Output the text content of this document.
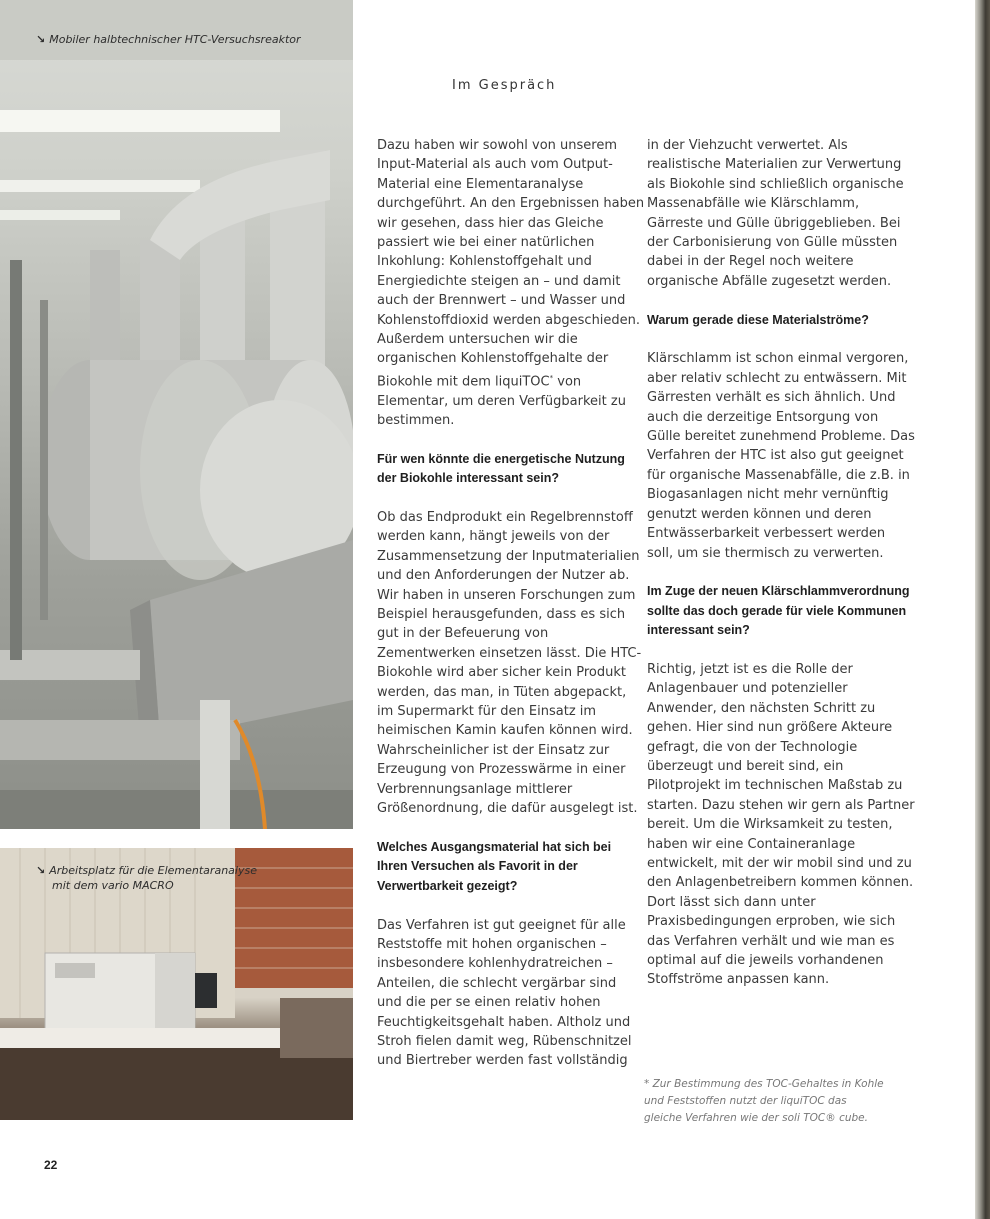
↘ Mobiler halbtechnischer HTC-Versuchsreaktor
↘ Arbeitsplatz für die Elementaranalyse
mit dem vario MACRO
Im Gespräch

Dazu haben wir sowohl von unserem Input-Material als auch vom Output-Material eine Elementaranalyse durchgeführt. An den Ergebnissen haben wir gesehen, dass hier das Gleiche passiert wie bei einer natürlichen Inkohlung: Kohlenstoffgehalt und Energiedichte steigen an – und damit auch der Brennwert – und Wasser und Kohlenstoffdioxid werden abgeschieden. Außerdem untersuchen wir die organischen Kohlenstoffgehalte der Biokohle mit dem liquiTOC* von Elementar, um deren Verfügbarkeit zu bestimmen.

Für wen könnte die energetische Nutzung der Biokohle interessant sein?

Ob das Endprodukt ein Regelbrennstoff werden kann, hängt jeweils von der Zusammensetzung der Inputmaterialien und den Anforderungen der Nutzer ab. Wir haben in unseren Forschungen zum Beispiel herausgefunden, dass es sich gut in der Befeuerung von Zementwerken einsetzen lässt. Die HTC-Biokohle wird aber sicher kein Produkt werden, das man, in Tüten abgepackt, im Supermarkt für den Einsatz im heimischen Kamin kaufen können wird. Wahrscheinlicher ist der Einsatz zur Erzeugung von Prozesswärme in einer Verbrennungsanlage mittlerer Größenordnung, die dafür ausgelegt ist.

Welches Ausgangsmaterial hat sich bei Ihren Versuchen als Favorit in der Verwertbarkeit gezeigt?

Das Verfahren ist gut geeignet für alle Reststoffe mit hohen organischen – insbesondere kohlenhydratreichen – Anteilen, die schlecht vergärbar sind und die per se einen relativ hohen Feuchtigkeitsgehalt haben. Altholz und Stroh fielen damit weg, Rübenschnitzel und Biertreber werden fast vollständig

in der Viehzucht verwertet. Als realistische Materialien zur Verwertung als Biokohle sind schließlich organische Massenabfälle wie Klärschlamm, Gärreste und Gülle übriggeblieben. Bei der Carbonisierung von Gülle müssten dabei in der Regel noch weitere organische Abfälle zugesetzt werden.

Warum gerade diese Materialströme?

Klärschlamm ist schon einmal vergoren, aber relativ schlecht zu entwässern. Mit Gärresten verhält es sich ähnlich. Und auch die derzeitige Entsorgung von Gülle bereitet zunehmend Probleme. Das Verfahren der HTC ist also gut geeignet für organische Massenabfälle, die z.B. in Biogasanlagen nicht mehr vernünftig genutzt werden können und deren Entwässerbarkeit verbessert werden soll, um sie thermisch zu verwerten.

Im Zuge der neuen Klärschlammverordnung sollte das doch gerade für viele Kommunen interessant sein?

Richtig, jetzt ist es die Rolle der Anlagenbauer und potenzieller Anwender, den nächsten Schritt zu gehen. Hier sind nun größere Akteure gefragt, die von der Technologie überzeugt und bereit sind, ein Pilotprojekt im technischen Maßstab zu starten. Dazu stehen wir gern als Partner bereit. Um die Wirksamkeit zu testen, haben wir eine Containeranlage entwickelt, mit der wir mobil sind und zu den Anlagenbetreibern kommen können. Dort lässt sich dann unter Praxisbedingungen erproben, wie sich das Verfahren verhält und wie man es optimal auf die jeweils vorhandenen Stoffströme anpassen kann.

* Zur Bestimmung des TOC-Gehaltes in Kohle und Feststoffen nutzt der liquiTOC das gleiche Verfahren wie der soli TOC® cube.
22
